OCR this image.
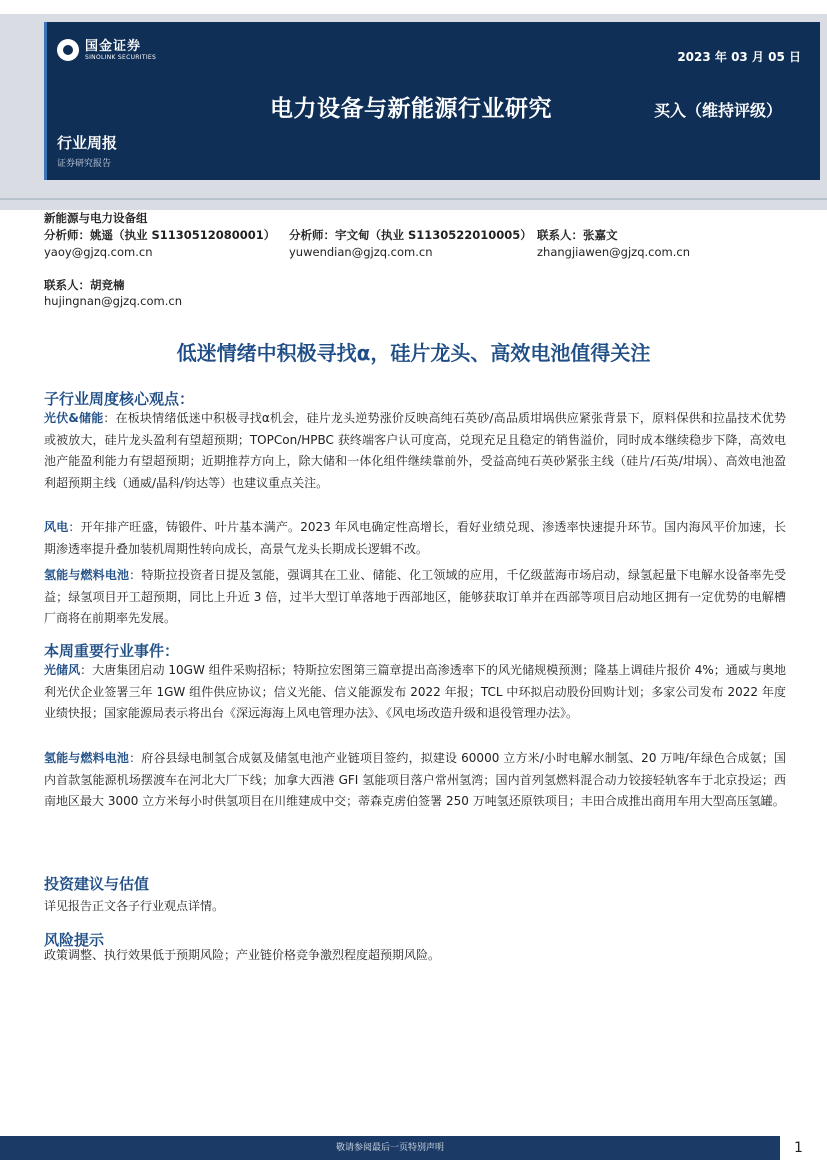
国金证券
SINOLINK SECURITIES	2023 年 03 月 05 日
电力设备与新能源行业研究	买入（维持评级）
行业周报
证券研究报告
新能源与电力设备组
分析师：姚遥（执业 S1130512080001）
yaoy@gjzq.com.cn
分析师：宇文甸（执业 S1130522010005）
yuwendian@gjzq.com.cn
联系人：张嘉文
zhangjiawen@gjzq.com.cn
联系人：胡竞楠
hujingnan@gjzq.com.cn
低迷情绪中积极寻找α，硅片龙头、高效电池值得关注
子行业周度核心观点：
光伏&储能：在板块情绪低迷中积极寻找α机会，硅片龙头逆势涨价反映高纯石英砂/高品质坩埚供应紧张背景下，原料保供和拉晶技术优势或被放大，硅片龙头盈利有望超预期；TOPCon/HPBC 获终端客户认可度高，兑现充足且稳定的销售溢价，同时成本继续稳步下降，高效电池产能盈利能力有望超预期；近期推荐方向上，除大储和一体化组件继续靠前外，受益高纯石英砂紧张主线（硅片/石英/坩埚）、高效电池盈利超预期主线（通威/晶科/钧达等）也建议重点关注。
风电：开年排产旺盛，铸锻件、叶片基本满产。2023 年风电确定性高增长，看好业绩兑现、渗透率快速提升环节。国内海风平价加速，长期渗透率提升叠加装机周期性转向成长，高景气龙头长期成长逻辑不改。
氢能与燃料电池：特斯拉投资者日提及氢能，强调其在工业、储能、化工领域的应用，千亿级蓝海市场启动，绿氢起量下电解水设备率先受益；绿氢项目开工超预期，同比上升近 3 倍，过半大型订单落地于西部地区，能够获取订单并在西部等项目启动地区拥有一定优势的电解槽厂商将在前期率先发展。
本周重要行业事件：
光储风：大唐集团启动 10GW 组件采购招标；特斯拉宏图第三篇章提出高渗透率下的风光储规模预测；隆基上调硅片报价 4%；通威与奥地利光伏企业签署三年 1GW 组件供应协议；信义光能、信义能源发布 2022 年报；TCL 中环拟启动股份回购计划；多家公司发布 2022 年度业绩快报；国家能源局表示将出台《深远海海上风电管理办法》、《风电场改造升级和退役管理办法》。
氢能与燃料电池：府谷县绿电制氢合成氨及储氢电池产业链项目签约，拟建设 60000 立方米/小时电解水制氢、20 万吨/年绿色合成氨；国内首款氢能源机场摆渡车在河北大厂下线；加拿大西港 GFI 氢能项目落户常州氢湾；国内首列氢燃料混合动力铰接轻轨客车于北京投运；西南地区最大 3000 立方米每小时供氢项目在川维建成中交；蒂森克虏伯签署 250 万吨氢还原铁项目；丰田合成推出商用车用大型高压氢罐。
投资建议与估值
详见报告正文各子行业观点详情。
风险提示
政策调整、执行效果低于预期风险；产业链价格竞争激烈程度超预期风险。
敬请参阅最后一页特别声明	1
